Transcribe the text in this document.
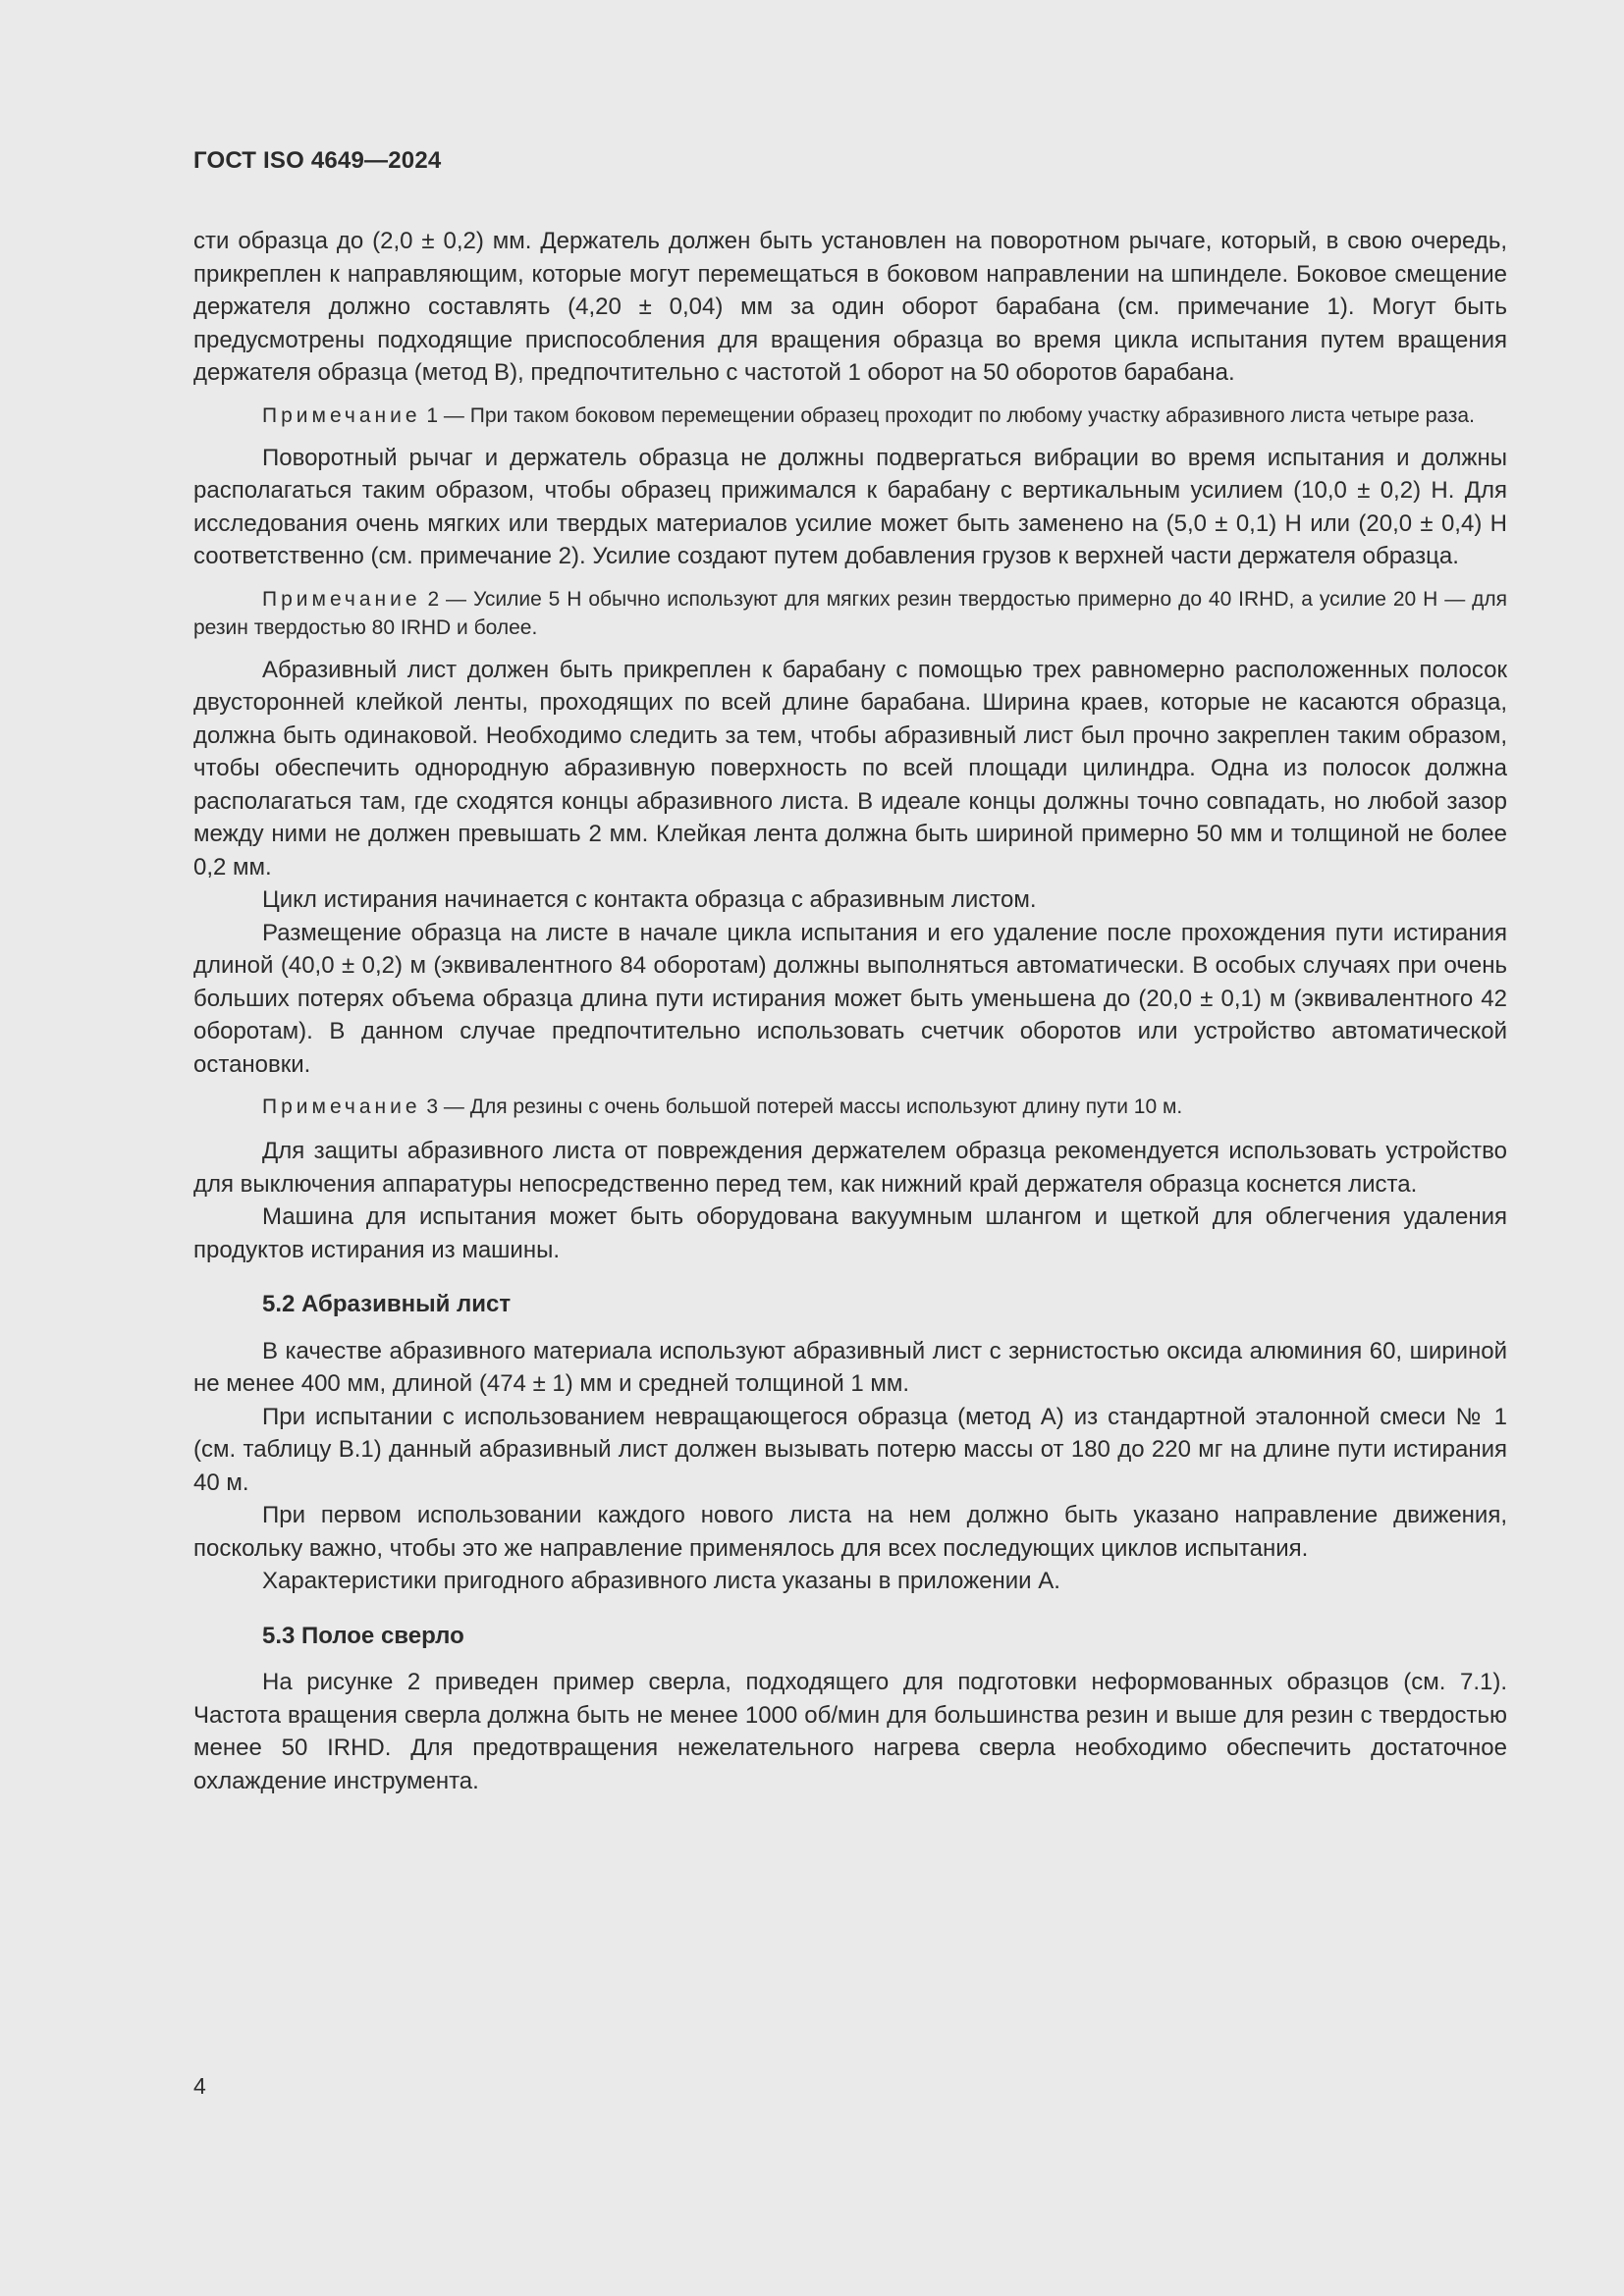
ГОСТ ISO 4649—2024

сти образца до (2,0 ± 0,2) мм. Держатель должен быть установлен на поворотном рычаге, который, в свою очередь, прикреплен к направляющим, которые могут перемещаться в боковом направлении на шпинделе. Боковое смещение держателя должно составлять (4,20 ± 0,04) мм за один оборот барабана (см. примечание 1). Могут быть предусмотрены подходящие приспособления для вращения образца во время цикла испытания путем вращения держателя образца (метод B), предпочтительно с частотой 1 оборот на 50 оборотов барабана.

Примечание 1 — При таком боковом перемещении образец проходит по любому участку абразивного листа четыре раза.

Поворотный рычаг и держатель образца не должны подвергаться вибрации во время испытания и должны располагаться таким образом, чтобы образец прижимался к барабану с вертикальным усилием (10,0 ± 0,2) Н. Для исследования очень мягких или твердых материалов усилие может быть заменено на (5,0 ± 0,1) Н или (20,0 ± 0,4) Н соответственно (см. примечание 2). Усилие создают путем добавления грузов к верхней части держателя образца.

Примечание 2 — Усилие 5 Н обычно используют для мягких резин твердостью примерно до 40 IRHD, а усилие 20 Н — для резин твердостью 80 IRHD и более.

Абразивный лист должен быть прикреплен к барабану с помощью трех равномерно расположенных полосок двусторонней клейкой ленты, проходящих по всей длине барабана. Ширина краев, которые не касаются образца, должна быть одинаковой. Необходимо следить за тем, чтобы абразивный лист был прочно закреплен таким образом, чтобы обеспечить однородную абразивную поверхность по всей площади цилиндра. Одна из полосок должна располагаться там, где сходятся концы абразивного листа. В идеале концы должны точно совпадать, но любой зазор между ними не должен превышать 2 мм. Клейкая лента должна быть шириной примерно 50 мм и толщиной не более 0,2 мм.

Цикл истирания начинается с контакта образца с абразивным листом.

Размещение образца на листе в начале цикла испытания и его удаление после прохождения пути истирания длиной (40,0 ± 0,2) м (эквивалентного 84 оборотам) должны выполняться автоматически. В особых случаях при очень больших потерях объема образца длина пути истирания может быть уменьшена до (20,0 ± 0,1) м (эквивалентного 42 оборотам). В данном случае предпочтительно использовать счетчик оборотов или устройство автоматической остановки.

Примечание 3 — Для резины с очень большой потерей массы используют длину пути 10 м.

Для защиты абразивного листа от повреждения держателем образца рекомендуется использовать устройство для выключения аппаратуры непосредственно перед тем, как нижний край держателя образца коснется листа.

Машина для испытания может быть оборудована вакуумным шлангом и щеткой для облегчения удаления продуктов истирания из машины.

5.2 Абразивный лист

В качестве абразивного материала используют абразивный лист с зернистостью оксида алюминия 60, шириной не менее 400 мм, длиной (474 ± 1) мм и средней толщиной 1 мм.

При испытании с использованием невращающегося образца (метод A) из стандартной эталонной смеси № 1 (см. таблицу B.1) данный абразивный лист должен вызывать потерю массы от 180 до 220 мг на длине пути истирания 40 м.

При первом использовании каждого нового листа на нем должно быть указано направление движения, поскольку важно, чтобы это же направление применялось для всех последующих циклов испытания.

Характеристики пригодного абразивного листа указаны в приложении А.

5.3 Полое сверло

На рисунке 2 приведен пример сверла, подходящего для подготовки неформованных образцов (см. 7.1). Частота вращения сверла должна быть не менее 1000 об/мин для большинства резин и выше для резин с твердостью менее 50 IRHD. Для предотвращения нежелательного нагрева сверла необходимо обеспечить достаточное охлаждение инструмента.

4
